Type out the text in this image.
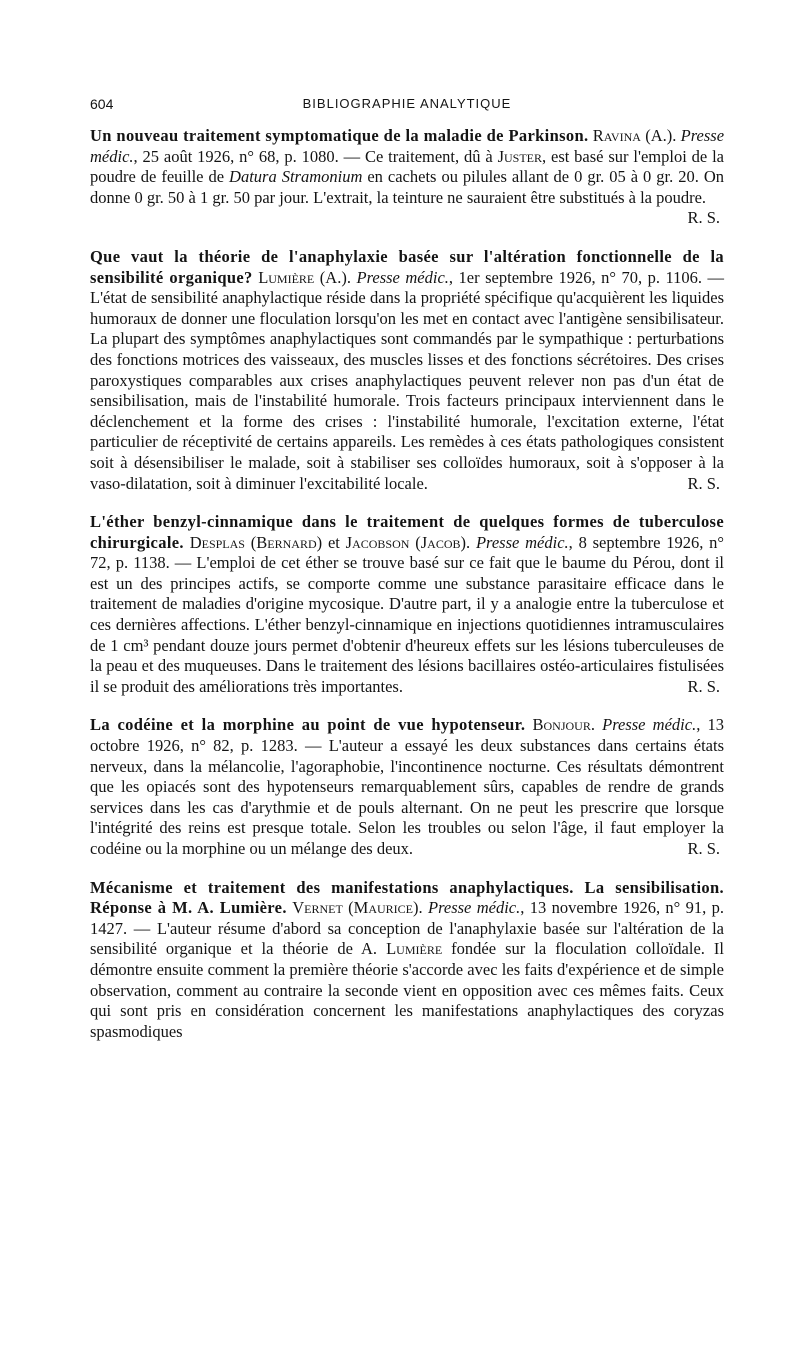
604	BIBLIOGRAPHIE ANALYTIQUE

Un nouveau traitement symptomatique de la maladie de Parkinson. Ravina (A.). Presse médic., 25 août 1926, n° 68, p. 1080. — Ce traitement, dû à Juster, est basé sur l'emploi de la poudre de feuille de Datura Stramonium en cachets ou pilules allant de 0 gr. 05 à 0 gr. 20. On donne 0 gr. 50 à 1 gr. 50 par jour. L'extrait, la teinture ne sauraient être substitués à la poudre.
R. S.

Que vaut la théorie de l'anaphylaxie basée sur l'altération fonctionnelle de la sensibilité organique? Lumière (A.). Presse médic., 1er septembre 1926, n° 70, p. 1106. — L'état de sensibilité anaphylactique réside dans la propriété spécifique qu'acquièrent les liquides humoraux de donner une floculation lorsqu'on les met en contact avec l'antigène sensibilisateur. La plupart des symptômes anaphylactiques sont commandés par le sympathique : perturbations des fonctions motrices des vaisseaux, des muscles lisses et des fonctions sécrétoires. Des crises paroxystiques comparables aux crises anaphylactiques peuvent relever non pas d'un état de sensibilisation, mais de l'instabilité humorale. Trois facteurs principaux interviennent dans le déclenchement et la forme des crises : l'instabilité humorale, l'excitation externe, l'état particulier de réceptivité de certains appareils. Les remèdes à ces états pathologiques consistent soit à désensibiliser le malade, soit à stabiliser ses colloïdes humoraux, soit à s'opposer à la vaso-dilatation, soit à diminuer l'excitabilité locale.	R. S.

L'éther benzyl-cinnamique dans le traitement de quelques formes de tuberculose chirurgicale. Desplas (Bernard) et Jacobson (Jacob). Presse médic., 8 septembre 1926, n° 72, p. 1138. — L'emploi de cet éther se trouve basé sur ce fait que le baume du Pérou, dont il est un des principes actifs, se comporte comme une substance parasitaire efficace dans le traitement de maladies d'origine mycosique. D'autre part, il y a analogie entre la tuberculose et ces dernières affections. L'éther benzyl-cinnamique en injections quotidiennes intramusculaires de 1 cm³ pendant douze jours permet d'obtenir d'heureux effets sur les lésions tuberculeuses de la peau et des muqueuses. Dans le traitement des lésions bacillaires ostéo-articulaires fistulisées il se produit des améliorations très importantes.	R. S.

La codéine et la morphine au point de vue hypotenseur. Bonjour. Presse médic., 13 octobre 1926, n° 82, p. 1283. — L'auteur a essayé les deux substances dans certains états nerveux, dans la mélancolie, l'agoraphobie, l'incontinence nocturne. Ces résultats démontrent que les opiacés sont des hypotenseurs remarquablement sûrs, capables de rendre de grands services dans les cas d'arythmie et de pouls alternant. On ne peut les prescrire que lorsque l'intégrité des reins est presque totale. Selon les troubles ou selon l'âge, il faut employer la codéine ou la morphine ou un mélange des deux.	R. S.

Mécanisme et traitement des manifestations anaphylactiques. La sensibilisation. Réponse à M. A. Lumière. Vernet (Maurice). Presse médic., 13 novembre 1926, n° 91, p. 1427. — L'auteur résume d'abord sa conception de l'anaphylaxie basée sur l'altération de la sensibilité organique et la théorie de A. Lumière fondée sur la floculation colloïdale. Il démontre ensuite comment la première théorie s'accorde avec les faits d'expérience et de simple observation, comment au contraire la seconde vient en opposition avec ces mêmes faits. Ceux qui sont pris en considération concernent les manifestations anaphylactiques des coryzas spasmodiques
